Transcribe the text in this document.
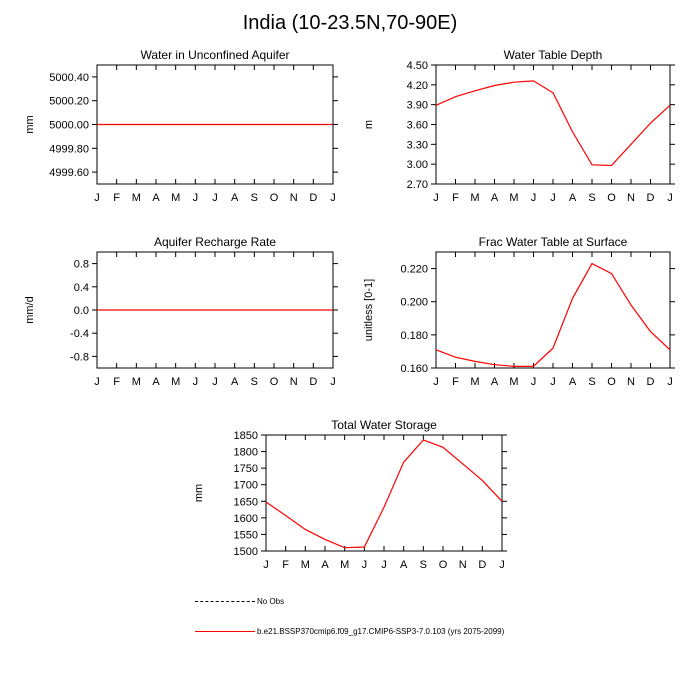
India (10-23.5N,70-90E)
Water in Unconfined Aquifer
mm
J F M A M J J A S O N D J
5000.40
5000.20
5000.00
4999.80
4999.60
Water Table Depth
m
J F M A M J J A S O N D J
4.50
4.20
3.90
3.60
3.30
3.00
2.70
Aquifer Recharge Rate
mm/d
J F M A M J J A S O N D J
0.8
0.4
0.0
-0.4
-0.8
Frac Water Table at Surface
unitless [0-1]
J F M A M J J A S O N D J
0.220
0.200
0.180
0.160
Total Water Storage
mm
J F M A M J J A S O N D J
1850
1800
1750
1700
1650
1600
1550
1500
No Obs
b.e21.BSSP370cmip6.f09_g17.CMIP6-SSP3-7.0.103 (yrs 2075-2099)
